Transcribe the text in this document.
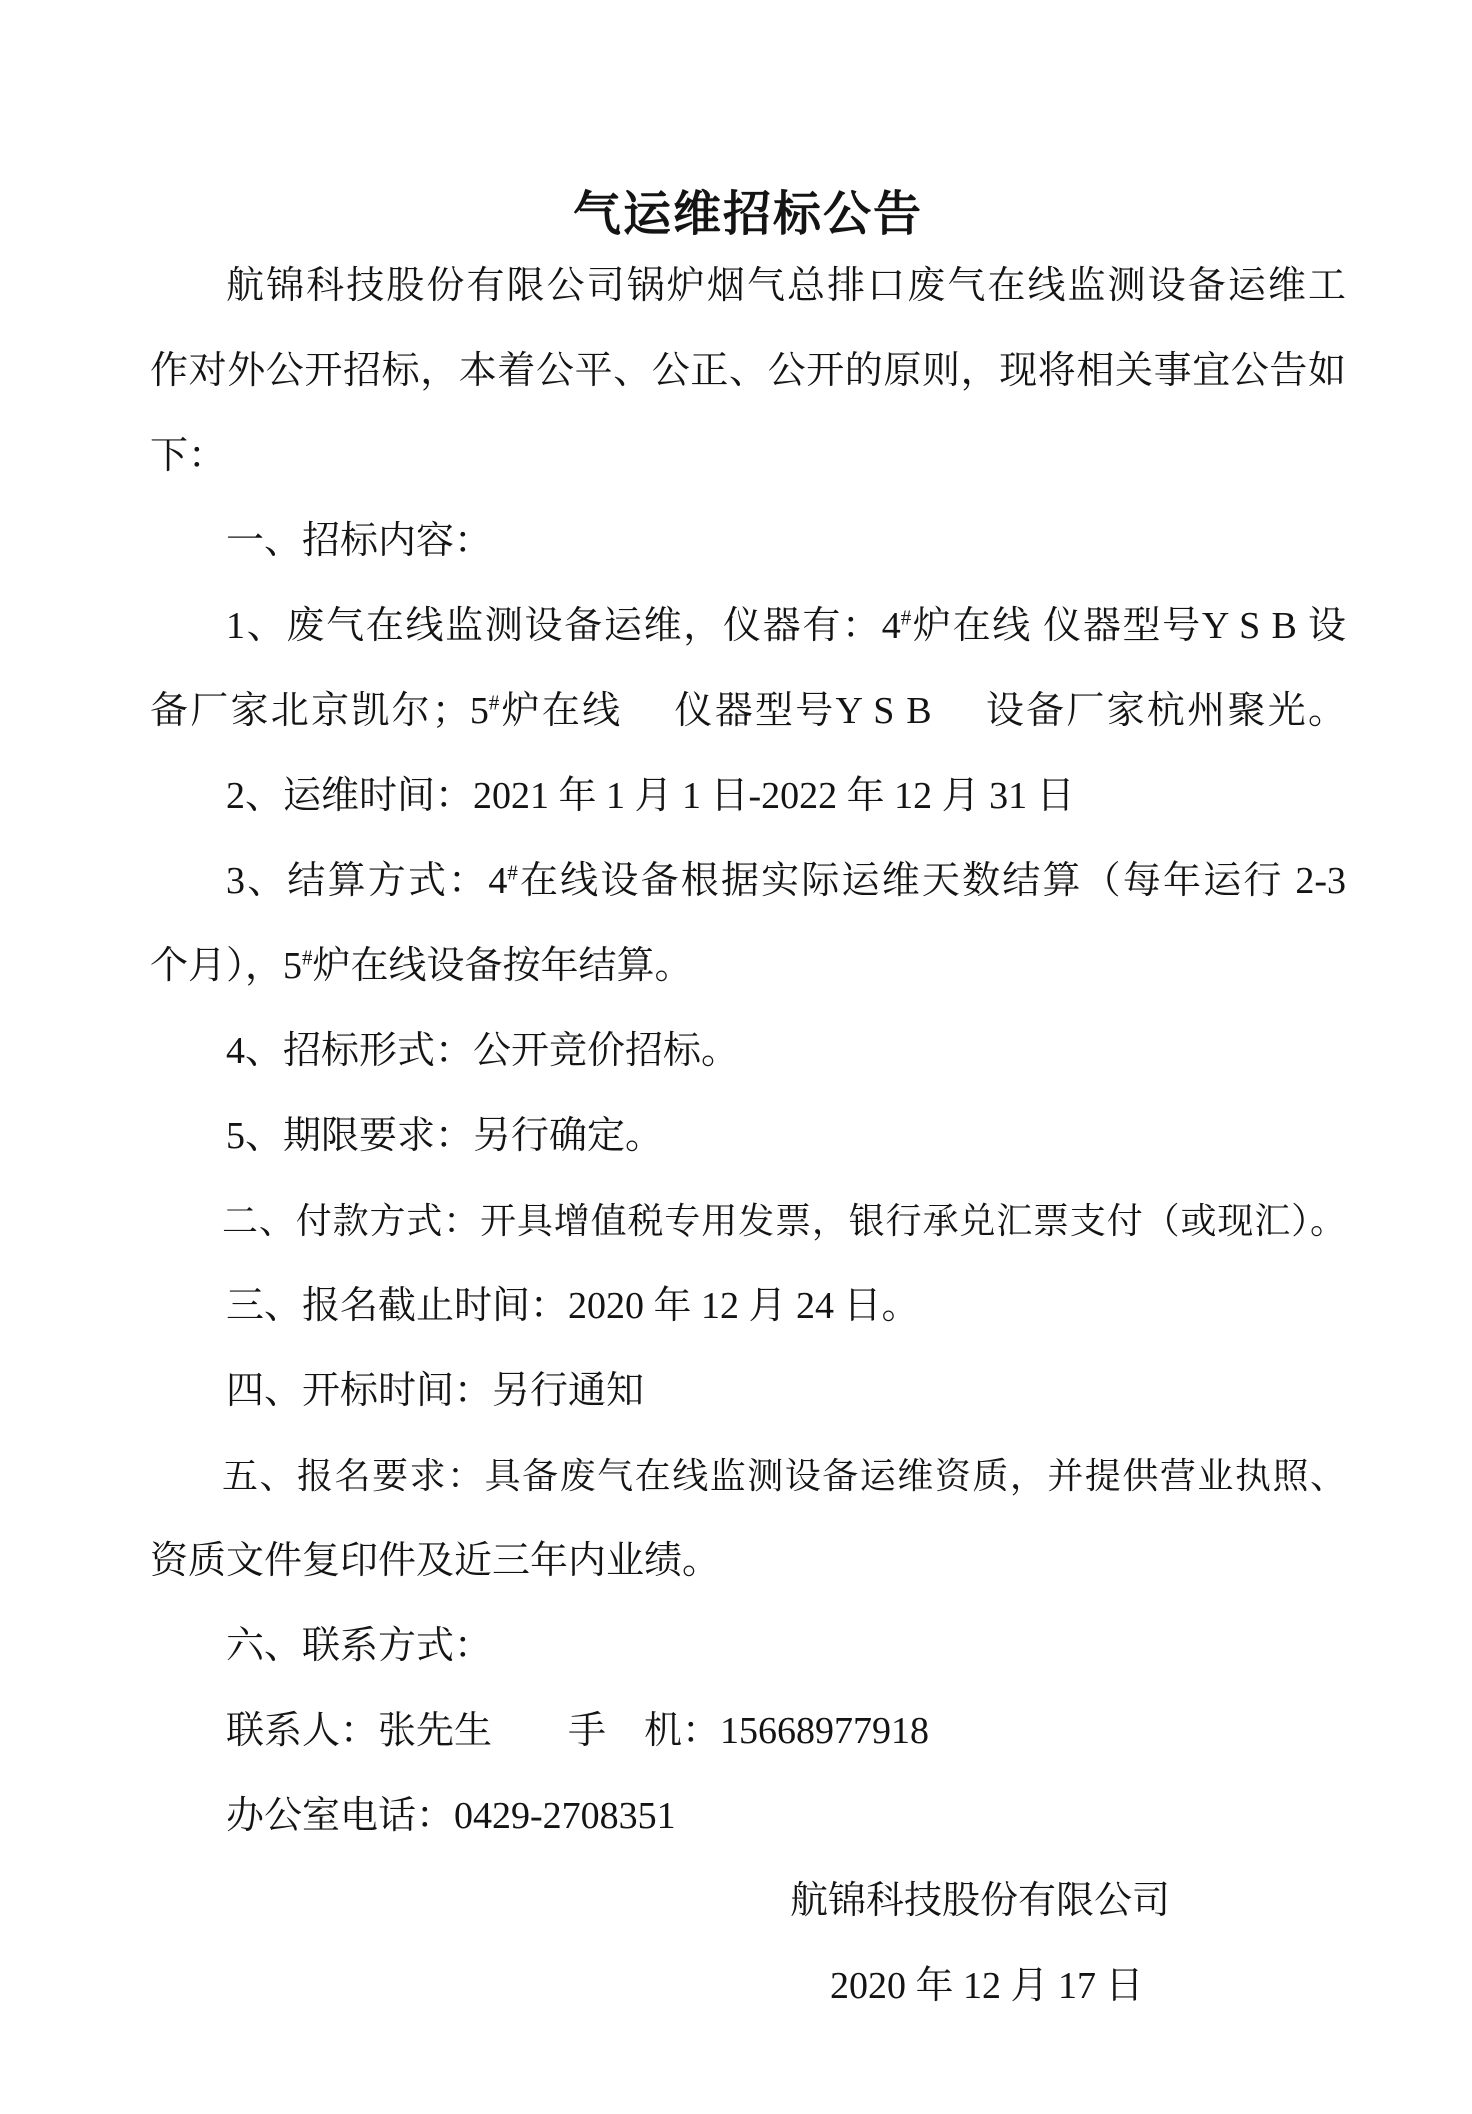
气运维招标公告

航锦科技股份有限公司锅炉烟气总排口废气在线监测设备运维工

作对外公开招标，本着公平、公正、公开的原则，现将相关事宜公告如

下：

一、招标内容：

1、废气在线监测设备运维，仪器有：4#炉在线 仪器型号Y S B 设

备厂家北京凯尔；5#炉在线　 仪器型号Y S B　 设备厂家杭州聚光。

2、运维时间：2021 年 1 月 1 日-2022 年 12 月 31 日

3、结算方式：4#在线设备根据实际运维天数结算（每年运行 2-3

个月），5#炉在线设备按年结算。

4、招标形式：公开竞价招标。

5、期限要求：另行确定。

二、付款方式：开具增值税专用发票，银行承兑汇票支付（或现汇）。

三、报名截止时间：2020 年 12 月 24 日。

四、开标时间：另行通知

五、报名要求：具备废气在线监测设备运维资质，并提供营业执照、

资质文件复印件及近三年内业绩。

六、联系方式：

联系人：张先生 手　机：15668977918

办公室电话：0429-2708351

航锦科技股份有限公司

2020 年 12 月 17 日
